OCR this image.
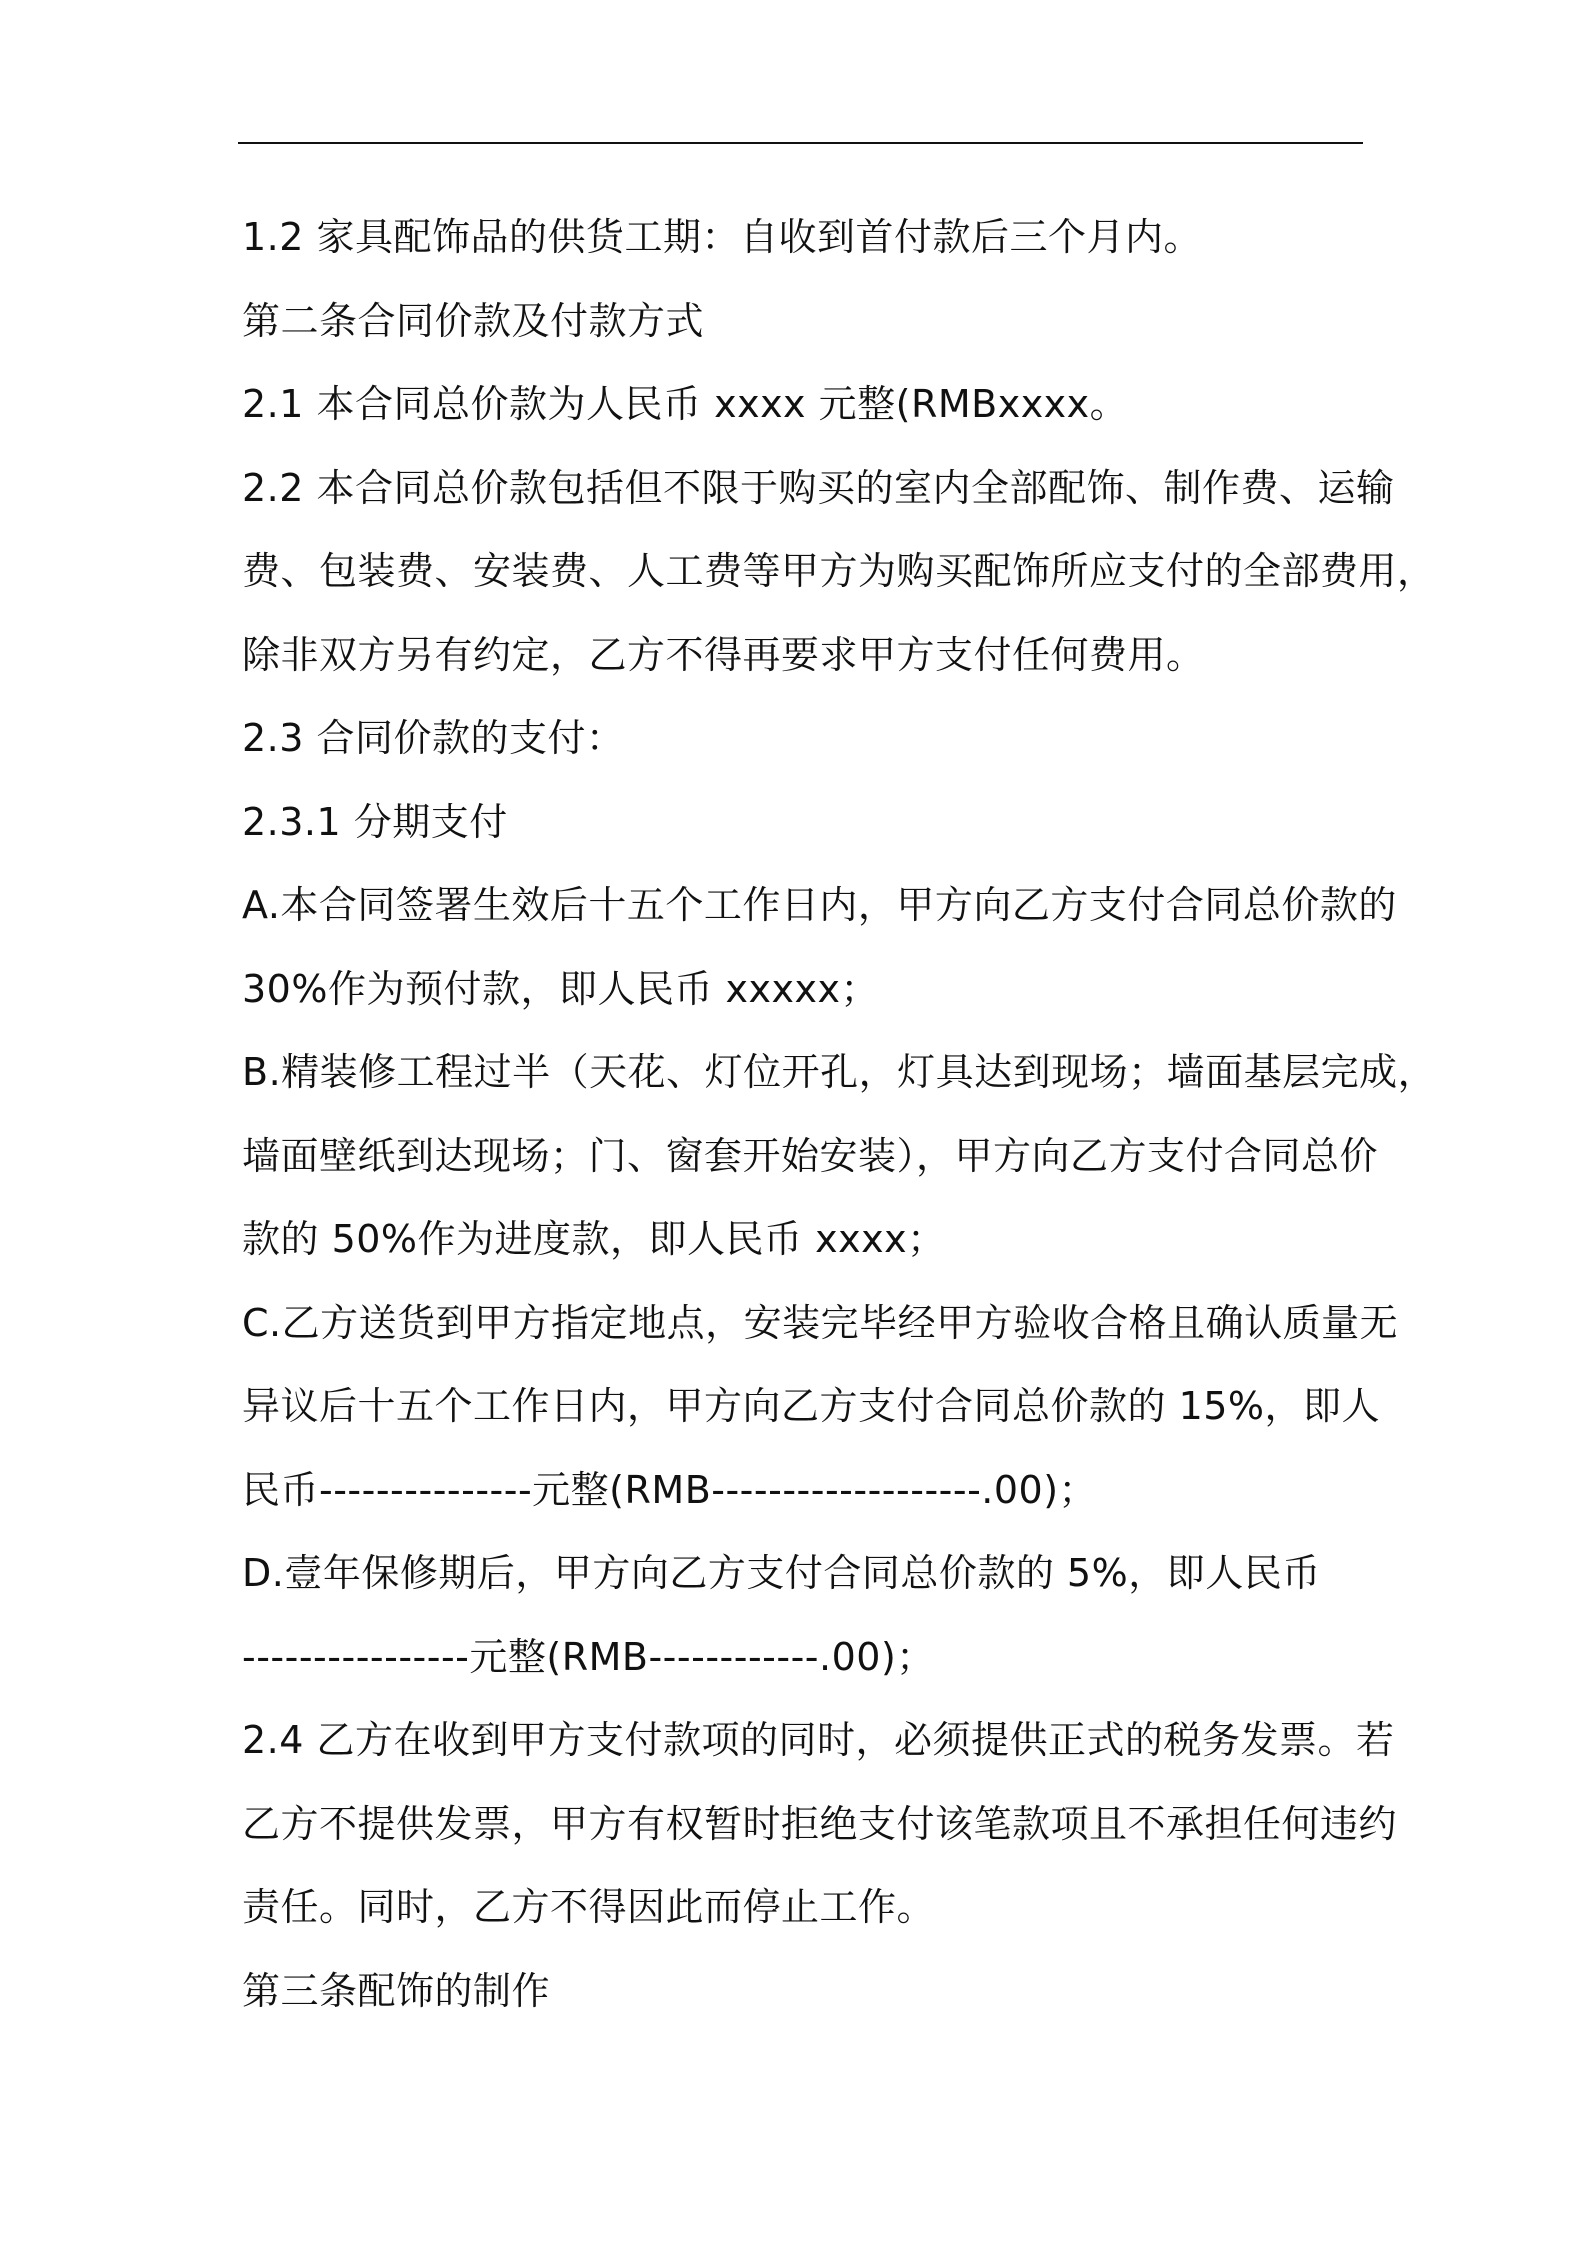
1.2 家具配饰品的供货工期：自收到首付款后三个月内。
第二条合同价款及付款方式
2.1 本合同总价款为人民币 xxxx 元整(RMBxxxx。
2.2 本合同总价款包括但不限于购买的室内全部配饰、制作费、运输
费、包装费、安装费、人工费等甲方为购买配饰所应支付的全部费用，
除非双方另有约定，乙方不得再要求甲方支付任何费用。
2.3 合同价款的支付：
2.3.1 分期支付
A.本合同签署生效后十五个工作日内，甲方向乙方支付合同总价款的
30%作为预付款，即人民币 xxxxx；
B.精装修工程过半（天花、灯位开孔，灯具达到现场；墙面基层完成，
墙面壁纸到达现场；门、窗套开始安装），甲方向乙方支付合同总价
款的 50%作为进度款，即人民币 xxxx；
C.乙方送货到甲方指定地点，安装完毕经甲方验收合格且确认质量无
异议后十五个工作日内，甲方向乙方支付合同总价款的 15%，即人
民币---------------元整(RMB-------------------.00)；
D.壹年保修期后，甲方向乙方支付合同总价款的 5%，即人民币
----------------元整(RMB------------.00)；
2.4 乙方在收到甲方支付款项的同时，必须提供正式的税务发票。若
乙方不提供发票，甲方有权暂时拒绝支付该笔款项且不承担任何违约
责任。同时，乙方不得因此而停止工作。
第三条配饰的制作
